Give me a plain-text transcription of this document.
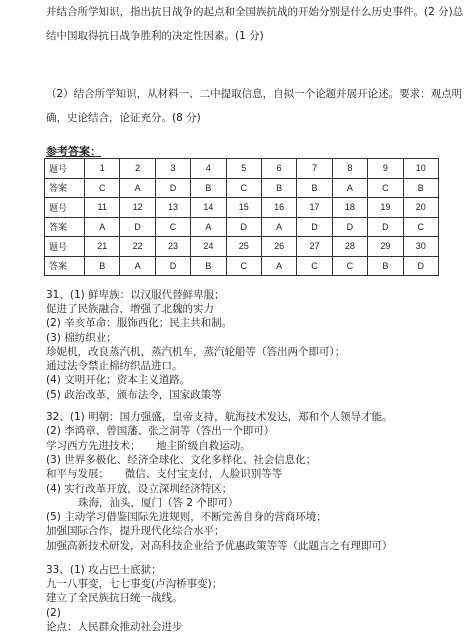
并结合所学知识，指出抗日战争的起点和全国族抗战的开始分别是什么历史事件。(2 分)总
结中国取得抗日战争胜利的决定性因素。(1 分)
（2）结合所学知识，从材料一、二中提取信息，自拟一个论题并展开论述。要求：观点明
确，史论结合，论证充分。(8 分)
参考答案：
题号	1	2	3	4	5	6	7	8	9	10
答案	C	A	D	B	C	B	B	A	C	B
题号	11	12	13	14	15	16	17	18	19	20
答案	A	D	C	A	D	A	D	D	D	C
题号	21	22	23	24	25	26	27	28	29	30
答案	B	A	D	B	C	A	C	C	B	D
31、(1) 鲜卑族：以汉服代替鲜卑服；
促进了民族融合，增强了北魏的实力
(2) 辛亥革命：服饰西化；民主共和制。
(3) 棉纺织业；
珍妮机，改良蒸汽机，蒸汽机车，蒸汽轮船等（答出两个即可）；
通过法令禁止棉纺织品进口。
(4) 文明开化；资本主义道路。
(5) 政治改革，颁布法令，国家政策等
32、(1) 明朝：国力强盛，皇帝支持，航海技术发达，郑和个人领导才能。
(2) 李鸿章、曾国藩、张之洞等（答出一个即可）
学习西方先进技术；　　地主阶级自救运动。
(3) 世界多极化、经济全球化、文化多样化、社会信息化；
和平与发展；　　微信、支付宝支付，人脸识别等等
(4) 实行改革开放，设立深圳经济特区；
珠海，汕头，厦门（答 2 个即可）
(5) 主动学习借鉴国际先进规则，不断完善自身的营商环境；
加强国际合作，提升现代化综合水平；
加强高新技术研发，对高科技企业给予优惠政策等等（此题言之有理即可）
33、(1) 攻占巴士底狱；
九一八事变，七七事变(卢沟桥事变)；
建立了全民族抗日统一战线。
(2)
论点：人民群众推动社会进步
